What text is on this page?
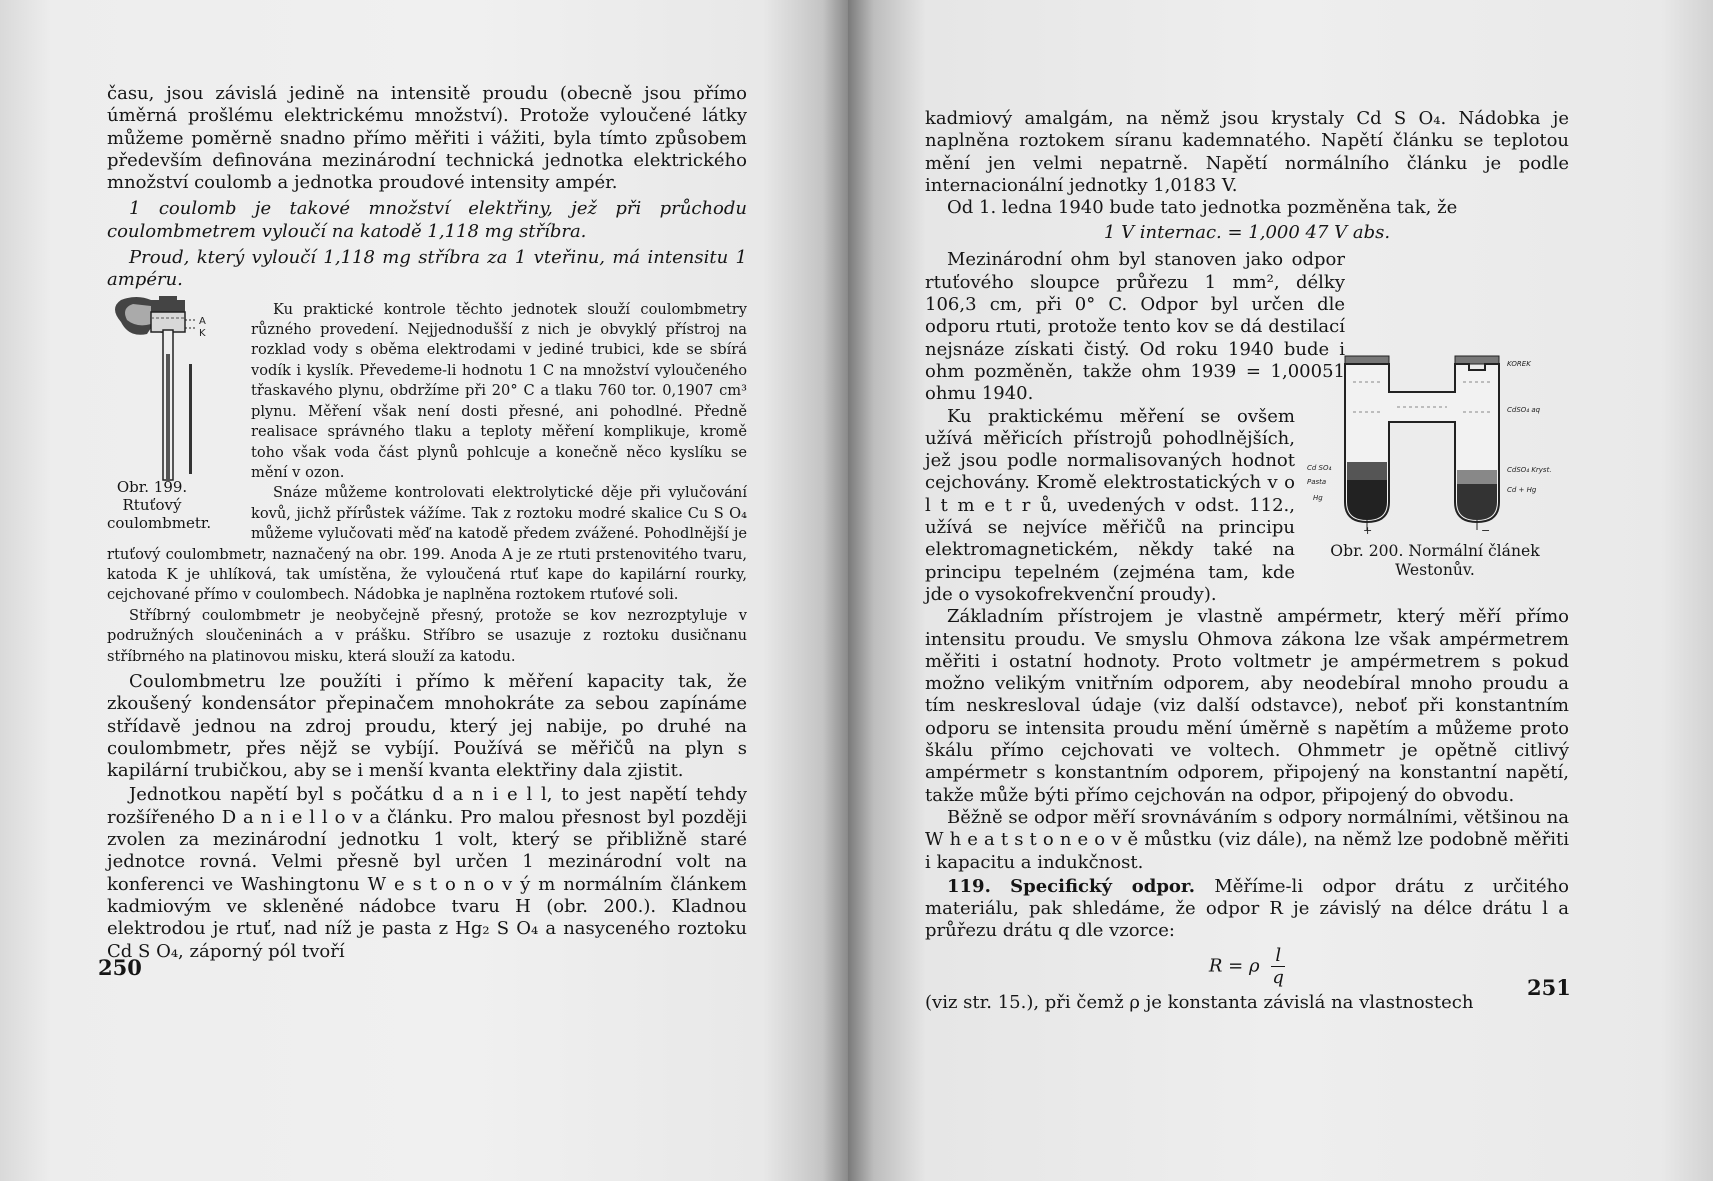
času, jsou závislá jedině na intensitě proudu (obecně jsou přímo úměrná prošlému elektrickému množství). Protože vyloučené látky můžeme poměrně snadno přímo měřiti i vážiti, byla tímto způsobem především definována mezinárodní technická jednotka elektrického množství coulomb a jednotka proudové intensity ampér.

1 coulomb je takové množství elektřiny, jež při průchodu coulombmetrem vyloučí na katodě 1,118 mg stříbra.

Proud, který vyloučí 1,118 mg stříbra za 1 vteřinu, má intensitu 1 ampéru.

A
K
Obr. 199. Rtuťový coulombmetr.

Ku praktické kontrole těchto jednotek slouží coulombmetry různého provedení. Nejjednodušší z nich je obvyklý přístroj na rozklad vody s oběma elektrodami v jediné trubici, kde se sbírá vodík i kyslík. Převedeme-li hodnotu 1 C na množství vyloučeného třaskavého plynu, obdržíme při 20° C a tlaku 760 tor. 0,1907 cm³ plynu. Měření však není dosti přesné, ani pohodlné. Předně realisace správného tlaku a teploty měření komplikuje, kromě toho však voda část plynů pohlcuje a konečně něco kyslíku se mění v ozon.

Snáze můžeme kontrolovati elektrolytické děje při vylučování kovů, jichž přírůstek vážíme. Tak z roztoku modré skalice Cu S O₄ můžeme vylučovati měď na katodě předem zvážené. Pohodlnější je rtuťový coulombmetr, naznačený na obr. 199. Anoda A je ze rtuti prstenovitého tvaru, katoda K je uhlíková, tak umístěna, že vyloučená rtuť kape do kapilární rourky, cejchované přímo v coulombech. Nádobka je naplněna roztokem rtuťové soli.

Stříbrný coulombmetr je neobyčejně přesný, protože se kov nezrozptyluje v podružných sloučeninách a v prášku. Stříbro se usazuje z roztoku dusičnanu stříbrného na platinovou misku, která slouží za katodu.

Coulombmetru lze použíti i přímo k měření kapacity tak, že zkoušený kondensátor přepinačem mnohokráte za sebou zapínáme střídavě jednou na zdroj proudu, který jej nabije, po druhé na coulombmetr, přes nějž se vybíjí. Používá se měřičů na plyn s kapilární trubičkou, aby se i menší kvanta elektřiny dala zjistit.

Jednotkou napětí byl s počátku d a n i e l l, to jest napětí tehdy rozšířeného D a n i e l l o v a článku. Pro malou přesnost byl později zvolen za mezinárodní jednotku 1 volt, který se přibližně staré jednotce rovná. Velmi přesně byl určen 1 mezinárodní volt na konferenci ve Washingtonu W e s t o n o v ý m normálním článkem kadmiovým ve skleněné nádobce tvaru H (obr. 200.). Kladnou elektrodou je rtuť, nad níž je pasta z Hg₂ S O₄ a nasyceného roztoku Cd S O₄, záporný pól tvoří

250

kadmiový amalgám, na němž jsou krystaly Cd S O₄. Nádobka je naplněna roztokem síranu kademnatého. Napětí článku se teplotou mění jen velmi nepatrně. Napětí normálního článku je podle internacionální jednotky 1,0183 V.

Od 1. ledna 1940 bude tato jednotka pozměněna tak, že

1 V internac. = 1,000 47 V abs.

Mezinárodní ohm byl stanoven jako odpor rtuťového sloupce průřezu 1 mm², délky 106,3 cm, při 0° C. Odpor byl určen dle odporu rtuti, protože tento kov se dá destilací nejsnáze získati čistý. Od roku 1940 bude i ohm pozměněn, takže ohm 1939 = 1,00051 ohmu 1940.

Ku praktickému měření se ovšem užívá měřicích přístrojů pohodlnějších, jež jsou podle normalisovaných hodnot cejchovány. Kromě elektrostatických v o l t m e t r ů, uvedených v odst. 112., užívá se nejvíce měřičů na principu elektromagnetickém, někdy také na principu tepelném (zejména tam, kde jde o vysokofrekvenční proudy).

Základním přístrojem je vlastně ampérmetr, který měří přímo intensitu proudu. Ve smyslu Ohmova zákona lze však ampérmetrem měřiti i ostatní hodnoty. Proto voltmetr je ampérmetrem s pokud možno velikým vnitřním odporem, aby neodebíral mnoho proudu a tím neskresloval údaje (viz další odstavce), neboť při konstantním odporu se intensita proudu mění úměrně s napětím a můžeme proto škálu přímo cejchovati ve voltech. Ohmmetr je opětně citlivý ampérmetr s konstantním odporem, připojený na konstantní napětí, takže může býti přímo cejchován na odpor, připojený do obvodu.

Běžně se odpor měří srovnáváním s odpory normálními, většinou na W h e a t s t o n e o v ě můstku (viz dále), na němž lze podobně měřiti i kapacitu a indukčnost.

119. Specifický odpor. Měříme-li odpor drátu z určitého materiálu, pak shledáme, že odpor R je závislý na délce drátu l a průřezu drátu q dle vzorce:

R = ρ $\frac{l}{q}$

(viz str. 15.), při čemž ρ je konstanta závislá na vlastnostech

+	−
KOREK
CdSO₄ aq
CdSO₄ Kryst.
Cd + Hg
Cd SO₄
Pasta
Hg
Obr. 200. Normální článek Westonův.
251
